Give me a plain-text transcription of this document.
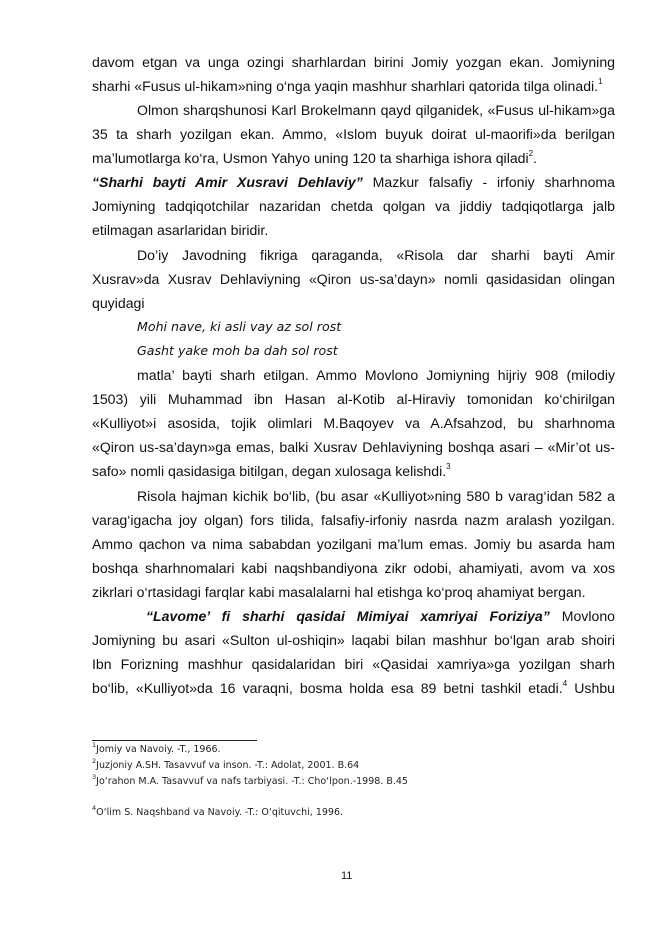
davom etgan va unga ozingi sharhlardan birini Jomiy yozgan ekan. Jomiyning
sharhi «Fusus ul-hikam»ning o‘nga yaqin mashhur sharhlari qatorida tilga olinadi.$^1$
Olmon sharqshunosi Karl Brokelmann qayd qilganidek, «Fusus ul-hikam»ga
35 ta sharh yozilgan ekan. Ammo, «Islom buyuk doirat ul-maorifi»da berilgan
ma’lumotlarga ko‘ra, Usmon Yahyo uning 120 ta sharhiga ishora qiladi$^2$.
“Sharhi bayti Amir Xusravi Dehlaviy” Mazkur falsafiy - irfoniy sharhnoma
Jomiyning tadqiqotchilar nazaridan chetda qolgan va jiddiy tadqiqotlarga jalb
etilmagan asarlaridan biridir.
Do’iy Javodning fikriga qaraganda, «Risola dar sharhi bayti Amir
Xusrav»da Xusrav Dehlaviyning «Qiron us-sa’dayn» nomli qasidasidan olingan
quyidagi
Mohi nave, ki asli vay az sol rost
Gasht yake moh ba dah sol rost
matla’ bayti sharh etilgan. Ammo Movlono Jomiyning hijriy 908 (milodiy
1503) yili Muhammad ibn Hasan al-Kotib al-Hiraviy tomonidan ko‘chirilgan
«Kulliyot»i asosida, tojik olimlari M.Baqoyev va A.Afsahzod, bu sharhnoma
«Qiron us-sa’dayn»ga emas, balki Xusrav Dehlaviyning boshqa asari – «Mir’ot us-
safo» nomli qasidasiga bitilgan, degan xulosaga kelishdi.$^3$
Risola hajman kichik bo‘lib, (bu asar «Kulliyot»ning 580 b varag‘idan 582 a
varag‘igacha joy olgan) fors tilida, falsafiy-irfoniy nasrda nazm aralash yozilgan.
Ammo qachon va nima sababdan yozilgani ma’lum emas. Jomiy bu asarda ham
boshqa sharhnomalari kabi naqshbandiyona zikr odobi, ahamiyati, avom va xos
zikrlari o‘rtasidagi farqlar kabi masalalarni hal etishga ko‘proq ahamiyat bergan.
“Lavome’ fi sharhi qasidai Mimiyai xamriyai Foriziya” Movlono
Jomiyning bu asari «Sulton ul-oshiqin» laqabi bilan mashhur bo‘lgan arab shoiri
Ibn Forizning mashhur qasidalaridan biri «Qasidai xamriya»ga yozilgan sharh
bo‘lib, «Kulliyot»da 16 varaqni, bosma holda esa 89 betni tashkil etadi.$^4$ Ushbu
$^1$Jomiy va Navoiy. -T., 1966.
$^2$Juzjoniy A.SH. Tasavvuf va inson. -T.: Adolat, 2001. B.64
$^3$Jo‘rahon M.A. Tasavvuf va nafs tarbiyasi. -T.: Cho‘lpon.-1998. B.45
$^4$O‘lim S. Naqshband va Navoiy. -T.: O‘qituvchi, 1996.
11
